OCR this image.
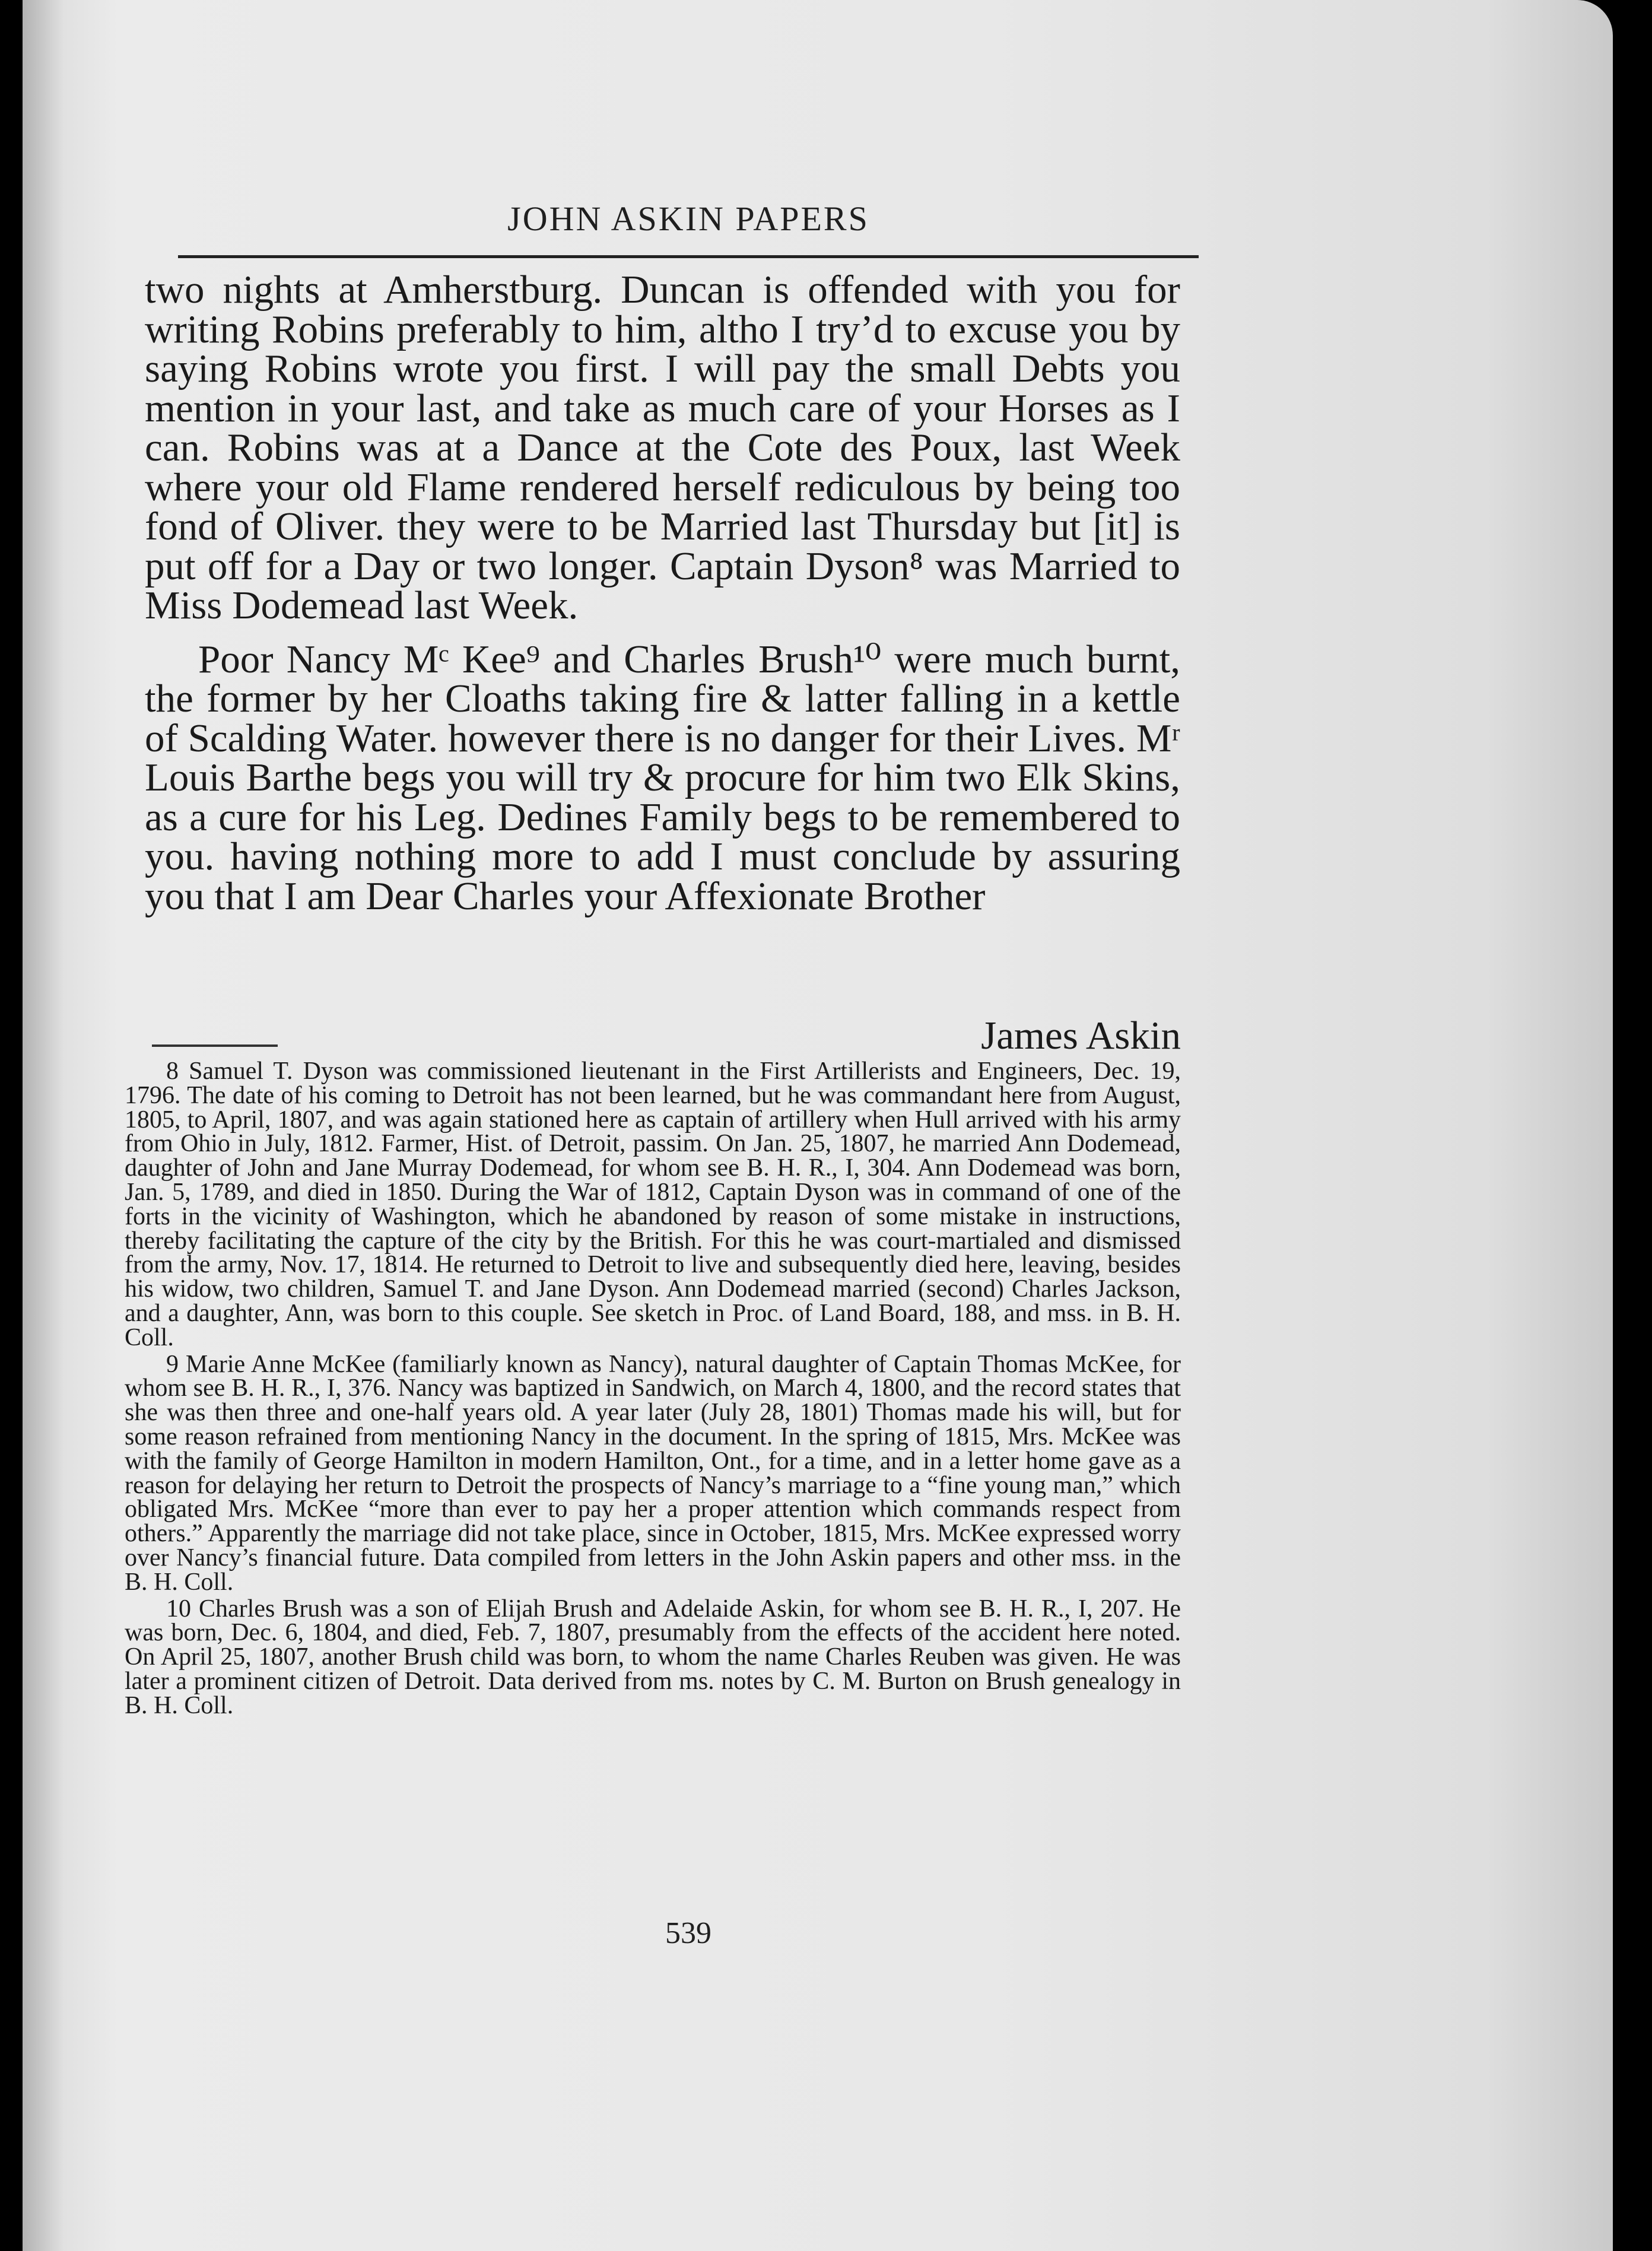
JOHN ASKIN PAPERS

two nights at Amherstburg. Duncan is offended with you for writing Robins preferably to him, altho I try’d to excuse you by saying Robins wrote you first. I will pay the small Debts you mention in your last, and take as much care of your Horses as I can. Robins was at a Dance at the Cote des Poux, last Week where your old Flame rendered herself rediculous by being too fond of Oliver. they were to be Married last Thursday but [it] is put off for a Day or two longer. Captain Dyson⁸ was Married to Miss Dodemead last Week.

Poor Nancy Mᶜ Kee⁹ and Charles Brush¹⁰ were much burnt, the former by her Cloaths taking fire & latter falling in a kettle of Scalding Water. however there is no danger for their Lives. Mʳ Louis Barthe begs you will try & procure for him two Elk Skins, as a cure for his Leg. Dedines Family begs to be remembered to you. having nothing more to add I must conclude by assuring you that I am Dear Charles your Affexionate Brother

James Askin

8 Samuel T. Dyson was commissioned lieutenant in the First Artillerists and Engineers, Dec. 19, 1796. The date of his coming to Detroit has not been learned, but he was commandant here from August, 1805, to April, 1807, and was again stationed here as captain of artillery when Hull arrived with his army from Ohio in July, 1812. Farmer, Hist. of Detroit, passim. On Jan. 25, 1807, he married Ann Dodemead, daughter of John and Jane Murray Dodemead, for whom see B. H. R., I, 304. Ann Dodemead was born, Jan. 5, 1789, and died in 1850. During the War of 1812, Captain Dyson was in command of one of the forts in the vicinity of Washington, which he abandoned by reason of some mistake in instructions, thereby facilitating the capture of the city by the British. For this he was court-martialed and dismissed from the army, Nov. 17, 1814. He returned to Detroit to live and subsequently died here, leaving, besides his widow, two children, Samuel T. and Jane Dyson. Ann Dodemead married (second) Charles Jackson, and a daughter, Ann, was born to this couple. See sketch in Proc. of Land Board, 188, and mss. in B. H. Coll.

9 Marie Anne McKee (familiarly known as Nancy), natural daughter of Captain Thomas McKee, for whom see B. H. R., I, 376. Nancy was baptized in Sandwich, on March 4, 1800, and the record states that she was then three and one-half years old. A year later (July 28, 1801) Thomas made his will, but for some reason refrained from mentioning Nancy in the document. In the spring of 1815, Mrs. McKee was with the family of George Hamilton in modern Hamilton, Ont., for a time, and in a letter home gave as a reason for delaying her return to Detroit the prospects of Nancy’s marriage to a “fine young man,” which obligated Mrs. McKee “more than ever to pay her a proper attention which commands respect from others.” Apparently the marriage did not take place, since in October, 1815, Mrs. McKee expressed worry over Nancy’s financial future. Data compiled from letters in the John Askin papers and other mss. in the B. H. Coll.

10 Charles Brush was a son of Elijah Brush and Adelaide Askin, for whom see B. H. R., I, 207. He was born, Dec. 6, 1804, and died, Feb. 7, 1807, presumably from the effects of the accident here noted. On April 25, 1807, another Brush child was born, to whom the name Charles Reuben was given. He was later a prominent citizen of Detroit. Data derived from ms. notes by C. M. Burton on Brush genealogy in B. H. Coll.

539
